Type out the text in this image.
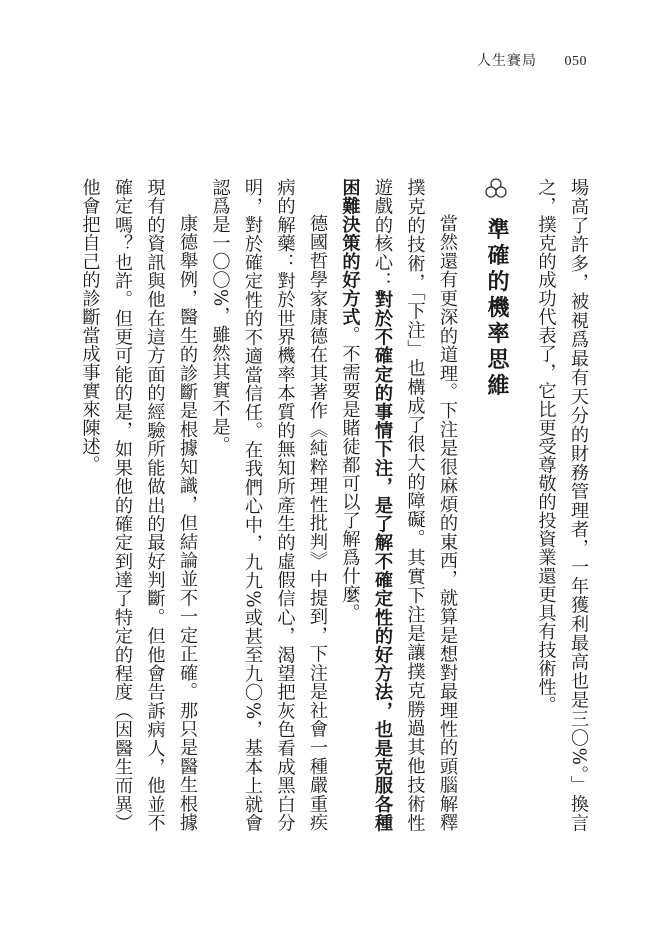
人生賽局 050

場高了許多，被視爲最有天分的財務管理者，一年獲利最高也是三〇%。」換言之，撲克的成功代表了，它比更受尊敬的投資業還更具有技術性。

準確的機率思維

當然還有更深的道理。下注是很麻煩的東西，就算是想對最理性的頭腦解釋撲克的技術，「下注」也構成了很大的障礙。其實下注是讓撲克勝過其他技術性遊戲的核心：對於不確定的事情下注，是了解不確定性的好方法，也是克服各種困難決策的好方式。不需要是賭徒都可以了解爲什麼。

德國哲學家康德在其著作《純粹理性批判》中提到，下注是社會一種嚴重疾病的解藥：對於世界機率本質的無知所產生的虛假信心，渴望把灰色看成黑白分明，對於確定性的不適當信任。在我們心中，九九%或甚至九〇%，基本上就會認爲是一〇〇%，雖然其實不是。

康德舉例，醫生的診斷是根據知識，但結論並不一定正確。那只是醫生根據現有的資訊與他在這方面的經驗所能做出的最好判斷。但他會告訴病人，他並不確定嗎？也許。但更可能的是，如果他的確定到達了特定的程度（因醫生而異）他會把自己的診斷當成事實來陳述。
